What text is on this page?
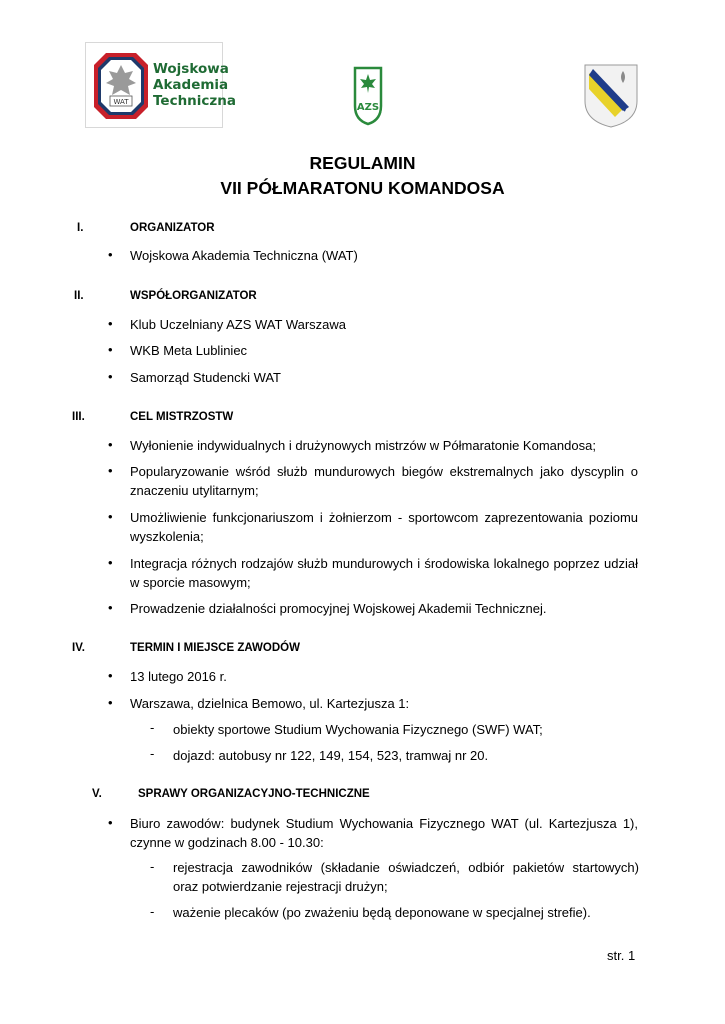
WAT
Wojskowa
Akademia
Techniczna	AZS	META
REGULAMIN
VII PÓŁMARATONU KOMANDOSA
I.	ORGANIZATOR
• Wojskowa Akademia Techniczna (WAT)
II.	WSPÓŁORGANIZATOR
• Klub Uczelniany AZS WAT Warszawa
• WKB Meta Lubliniec
• Samorząd Studencki WAT
III.	CEL MISTRZOSTW
• Wyłonienie indywidualnych i drużynowych mistrzów w Półmaratonie Komandosa;
• Popularyzowanie wśród służb mundurowych biegów ekstremalnych jako dyscyplin o znaczeniu utylitarnym;
• Umożliwienie funkcjonariuszom i żołnierzom - sportowcom zaprezentowania poziomu wyszkolenia;
• Integracja różnych rodzajów służb mundurowych i środowiska lokalnego poprzez udział w sporcie masowym;
• Prowadzenie działalności promocyjnej Wojskowej Akademii Technicznej.
IV.	TERMIN I MIEJSCE ZAWODÓW
• 13 lutego 2016 r.
• Warszawa, dzielnica Bemowo, ul. Kartezjusza 1:
- obiekty sportowe Studium Wychowania Fizycznego (SWF) WAT;
- dojazd: autobusy nr 122, 149, 154, 523, tramwaj nr 20.
V.	SPRAWY ORGANIZACYJNO-TECHNICZNE
• Biuro zawodów: budynek Studium Wychowania Fizycznego WAT (ul. Kartezjusza 1), czynne w godzinach 8.00 - 10.30:
- rejestracja zawodników (składanie oświadczeń, odbiór pakietów startowych) oraz potwierdzanie rejestracji drużyn;
- ważenie plecaków (po zważeniu będą deponowane w specjalnej strefie).
str. 1
